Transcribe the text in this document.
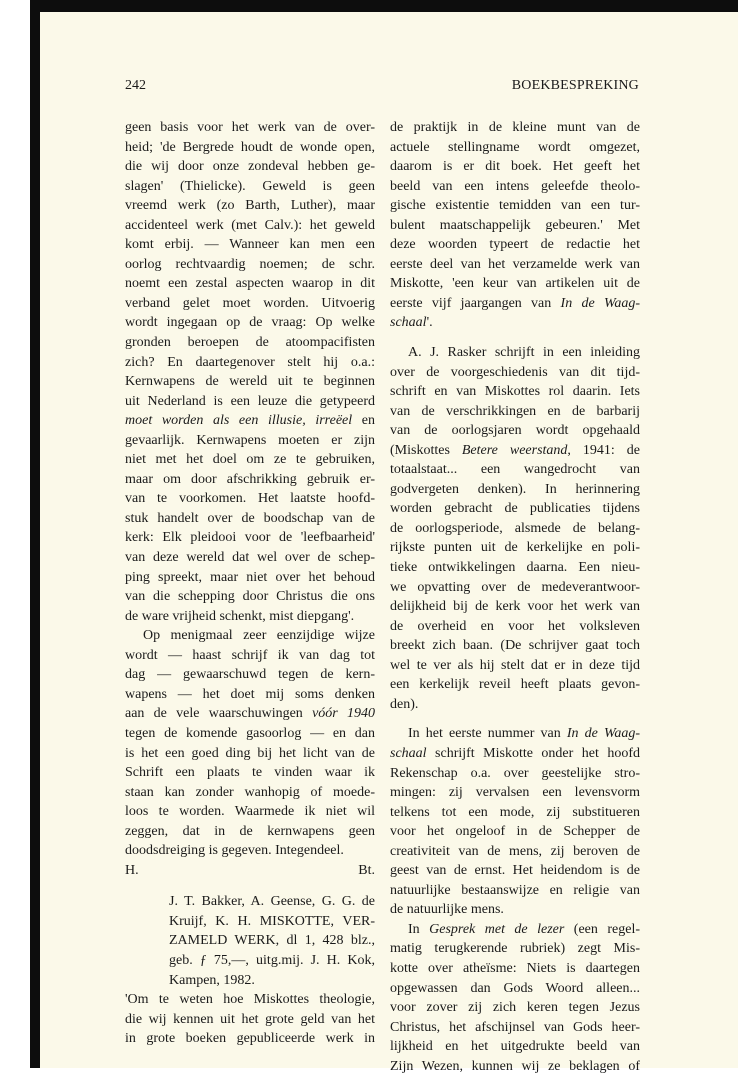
242	BOEKBESPREKING
geen basis voor het werk van de over-
heid; 'de Bergrede houdt de wonde open,
die wij door onze zondeval hebben ge-
slagen' (Thielicke). Geweld is geen
vreemd werk (zo Barth, Luther), maar
accidenteel werk (met Calv.): het geweld
komt erbij. — Wanneer kan men een
oorlog rechtvaardig noemen; de schr.
noemt een zestal aspecten waarop in dit
verband gelet moet worden. Uitvoerig
wordt ingegaan op de vraag: Op welke
gronden beroepen de atoompacifisten
zich? En daartegenover stelt hij o.a.:
Kernwapens de wereld uit te beginnen
uit Nederland is een leuze die getypeerd
moet worden als een illusie, irreëel en
gevaarlijk. Kernwapens moeten er zijn
niet met het doel om ze te gebruiken,
maar om door afschrikking gebruik er-
van te voorkomen. Het laatste hoofd-
stuk handelt over de boodschap van de
kerk: Elk pleidooi voor de 'leefbaarheid'
van deze wereld dat wel over de schep-
ping spreekt, maar niet over het behoud
van die schepping door Christus die ons
de ware vrijheid schenkt, mist diepgang'.
Op menigmaal zeer eenzijdige wijze
wordt — haast schrijf ik van dag tot
dag — gewaarschuwd tegen de kern-
wapens — het doet mij soms denken
aan de vele waarschuwingen vóór 1940
tegen de komende gasoorlog — en dan
is het een goed ding bij het licht van de
Schrift een plaats te vinden waar ik
staan kan zonder wanhopig of moede-
loos te worden. Waarmede ik niet wil
zeggen, dat in de kernwapens geen
doodsdreiging is gegeven. Integendeel.
H.	Bt.
J. T. Bakker, A. Geense, G. G. de
Kruijf, K. H. MISKOTTE, VER-
ZAMELD WERK, dl 1, 428 blz.,
geb. ƒ 75,—, uitg.mij. J. H. Kok,
Kampen, 1982.
'Om te weten hoe Miskottes theologie,
die wij kennen uit het grote geld van het
in grote boeken gepubliceerde werk in
de praktijk in de kleine munt van de
actuele stellingname wordt omgezet,
daarom is er dit boek. Het geeft het
beeld van een intens geleefde theolo-
gische existentie temidden van een tur-
bulent maatschappelijk gebeuren.' Met
deze woorden typeert de redactie het
eerste deel van het verzamelde werk van
Miskotte, 'een keur van artikelen uit de
eerste vijf jaargangen van In de Waag-
schaal'.
A. J. Rasker schrijft in een inleiding
over de voorgeschiedenis van dit tijd-
schrift en van Miskottes rol daarin. Iets
van de verschrikkingen en de barbarij
van de oorlogsjaren wordt opgehaald
(Miskottes Betere weerstand, 1941: de
totaalstaat... een wangedrocht van
godvergeten denken). In herinnering
worden gebracht de publicaties tijdens
de oorlogsperiode, alsmede de belang-
rijkste punten uit de kerkelijke en poli-
tieke ontwikkelingen daarna. Een nieu-
we opvatting over de medeverantwoor-
delijkheid bij de kerk voor het werk van
de overheid en voor het volksleven
breekt zich baan. (De schrijver gaat toch
wel te ver als hij stelt dat er in deze tijd
een kerkelijk reveil heeft plaats gevon-
den).
In het eerste nummer van In de Waag-
schaal schrijft Miskotte onder het hoofd
Rekenschap o.a. over geestelijke stro-
mingen: zij vervalsen een levensvorm
telkens tot een mode, zij substitueren
voor het ongeloof in de Schepper de
creativiteit van de mens, zij beroven de
geest van de ernst. Het heidendom is de
natuurlijke bestaanswijze en religie van
de natuurlijke mens.
In Gesprek met de lezer (een regel-
matig terugkerende rubriek) zegt Mis-
kotte over atheïsme: Niets is daartegen
opgewassen dan Gods Woord alleen...
voor zover zij zich keren tegen Jezus
Christus, het afschijnsel van Gods heer-
lijkheid en het uitgedrukte beeld van
Zijn Wezen, kunnen wij ze beklagen of
